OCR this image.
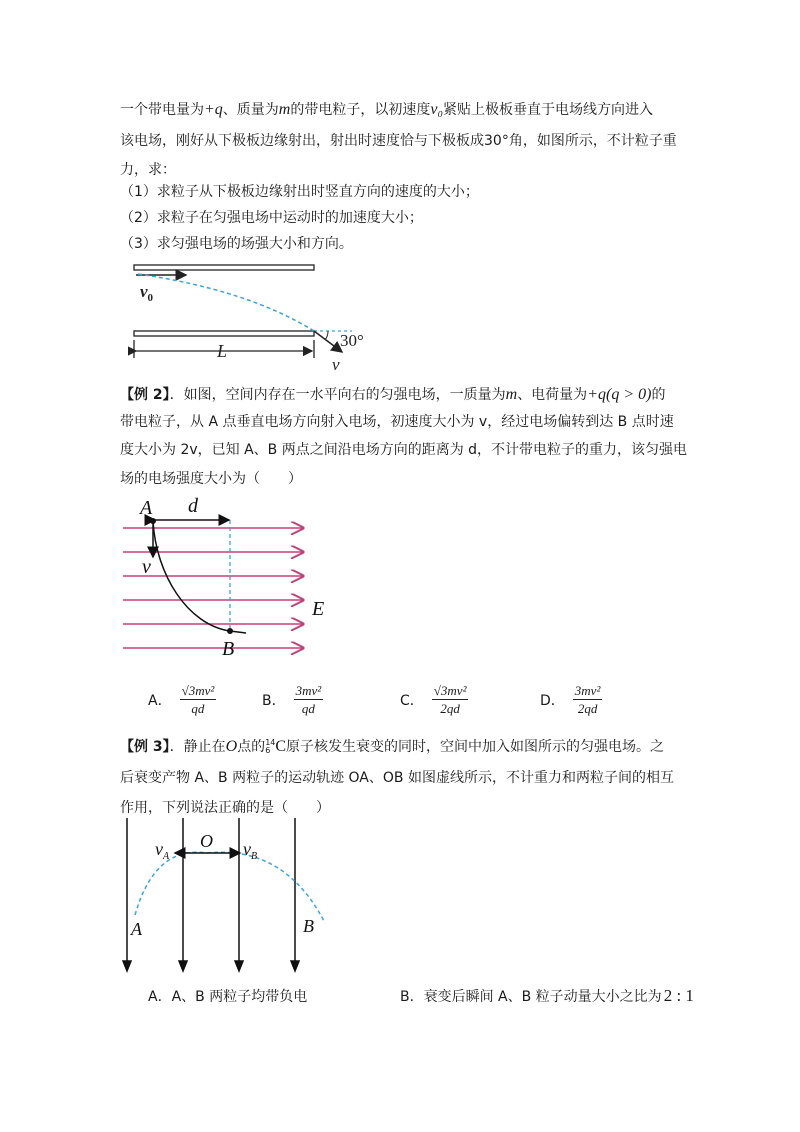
一个带电量为+q、质量为m的带电粒子，以初速度v₀紧贴上极板垂直于电场线方向进入
该电场，刚好从下极板边缘射出，射出时速度恰与下极板成30°角，如图所示，不计粒子重
力，求：
（1）求粒子从下极板边缘射出时竖直方向的速度的大小；
（2）求粒子在匀强电场中运动时的加速度大小；
（3）求匀强电场的场强大小和方向。
$v_0$
L
30°
v
【例 2】．如图，空间内存在一水平向右的匀强电场，一质量为m、电荷量为+q(q > 0)的
带电粒子，从 A 点垂直电场方向射入电场，初速度大小为 v，经过电场偏转到达 B 点时速
度大小为 2v，已知 A、B 两点之间沿电场方向的距离为 d，不计带电粒子的重力，该匀强电
场的电场强度大小为（　　）
A d
v
E
B
A． $\frac{\text{√3mv²}}{qd}$	B． $\frac{\text{3mv²}}{qd}$	C． $\frac{\text{√3mv²}}{2qd}$	D． $\frac{\text{3mv²}}{2qd}$
【例 3】．静止在O点的 14
6 C原子核发生衰变的同时，空间中加入如图所示的匀强电场。之
后衰变产物 A、B 两粒子的运动轨迹 OA、OB 如图虚线所示，不计重力和两粒子间的相互
作用，下列说法正确的是（　　）
$v_A$
O $v_B$
A	B
A．A、B 两粒子均带负电	B．衰变后瞬间 A、B 粒子动量大小之比为 2 : 1
